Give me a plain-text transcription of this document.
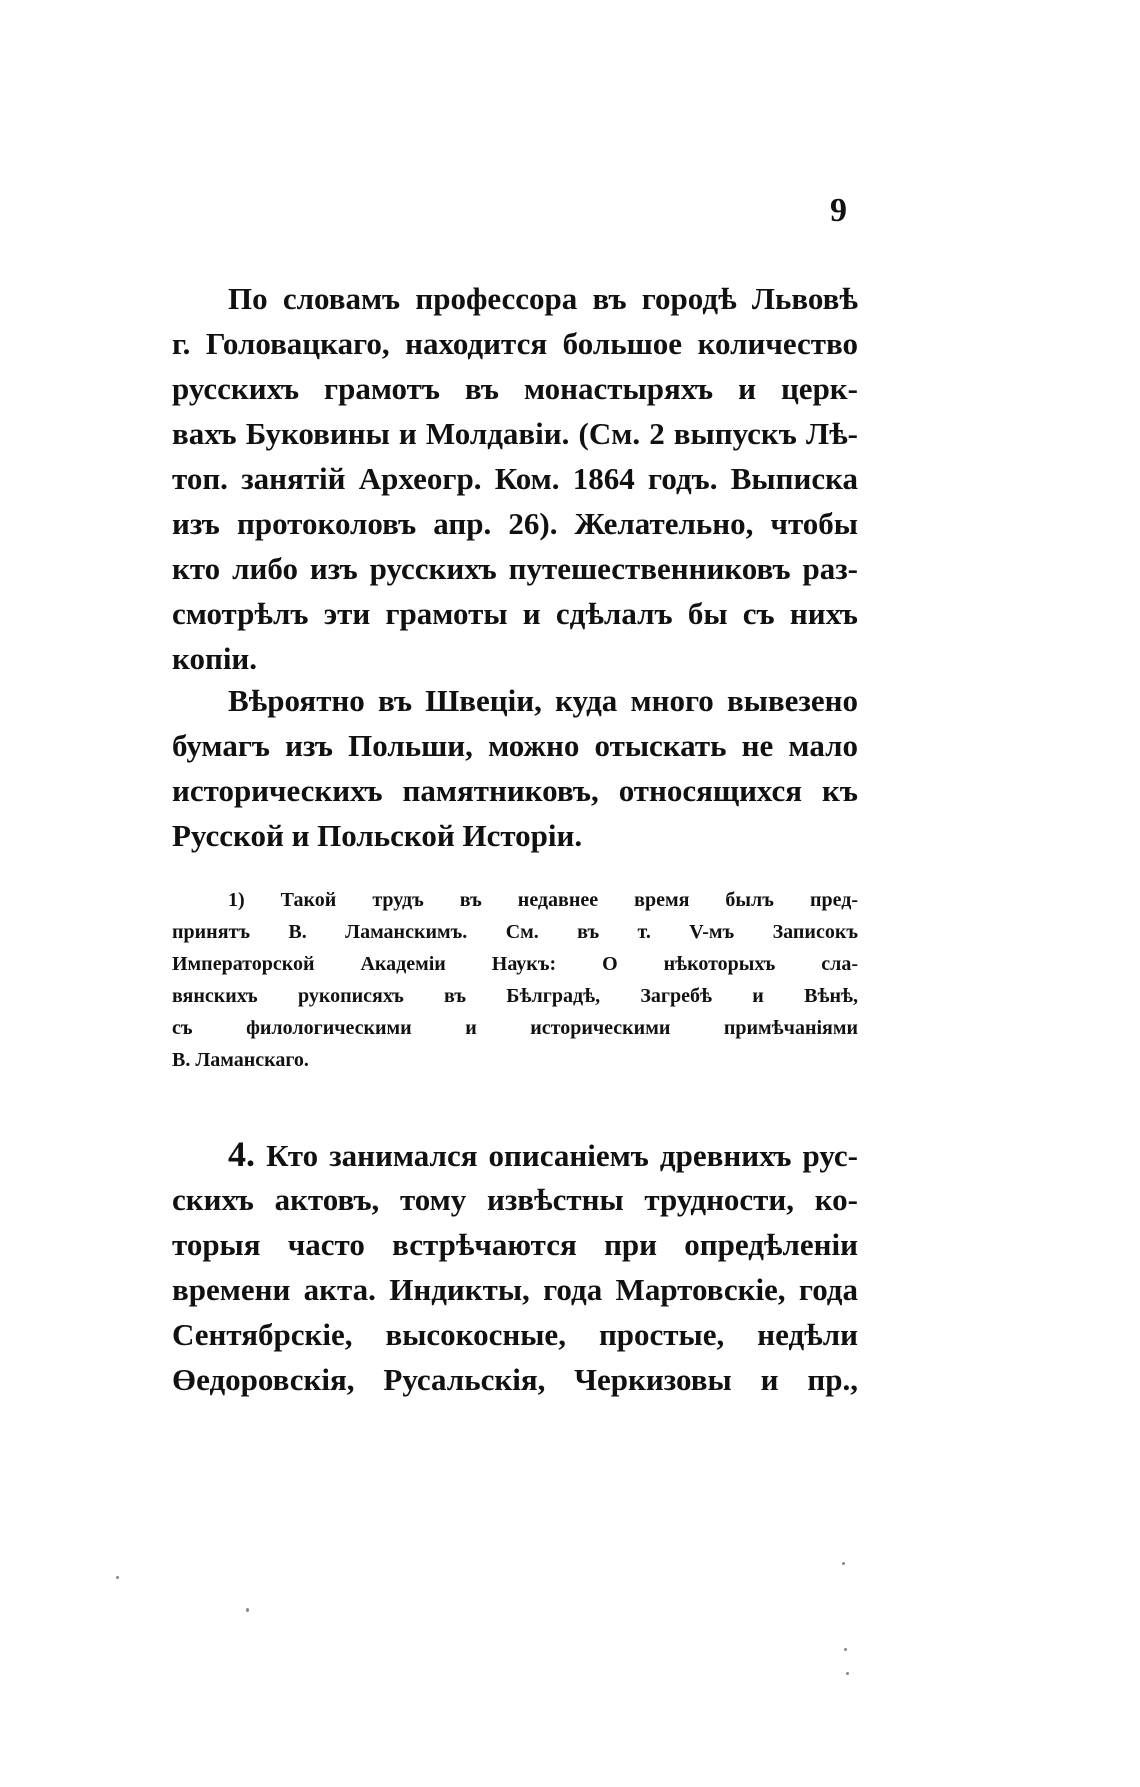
9
По словамъ профессора въ городѣ Львовѣ
г. Головацкаго, находится большое количество
русскихъ грамотъ въ монастыряхъ и церк-
вахъ Буковины и Молдавіи. (См. 2 выпускъ Лѣ-
топ. занятій Археогр. Ком. 1864 годъ. Выписка
изъ протоколовъ апр. 26). Желательно, чтобы
кто либо изъ русскихъ путешественниковъ раз-
смотрѣлъ эти грамоты и сдѣлалъ бы съ нихъ
копіи.
Вѣроятно въ Швеціи, куда много вывезено
бумагъ изъ Польши, можно отыскать не мало
историческихъ памятниковъ, относящихся къ
Русской и Польской Исторіи.
1) Такой трудъ въ недавнее время былъ пред-
принятъ В. Ламанскимъ. См. въ т. V-мъ Записокъ
Императорской Академіи Наукъ: О нѣкоторыхъ сла-
вянскихъ рукописяхъ въ Бѣлградѣ, Загребѣ и Вѣнѣ,
съ филологическими и историческими примѣчаніями
В. Ламанскаго.
4. Кто занимался описаніемъ древнихъ рус-
скихъ актовъ, тому извѣстны трудности, ко-
торыя часто встрѣчаются при опредѣленіи
времени акта. Индикты, года Мартовскіе, года
Сентябрскіе, высокосные, простые, недѣли
Өедоровскія, Русальскія, Черкизовы и пр.,
